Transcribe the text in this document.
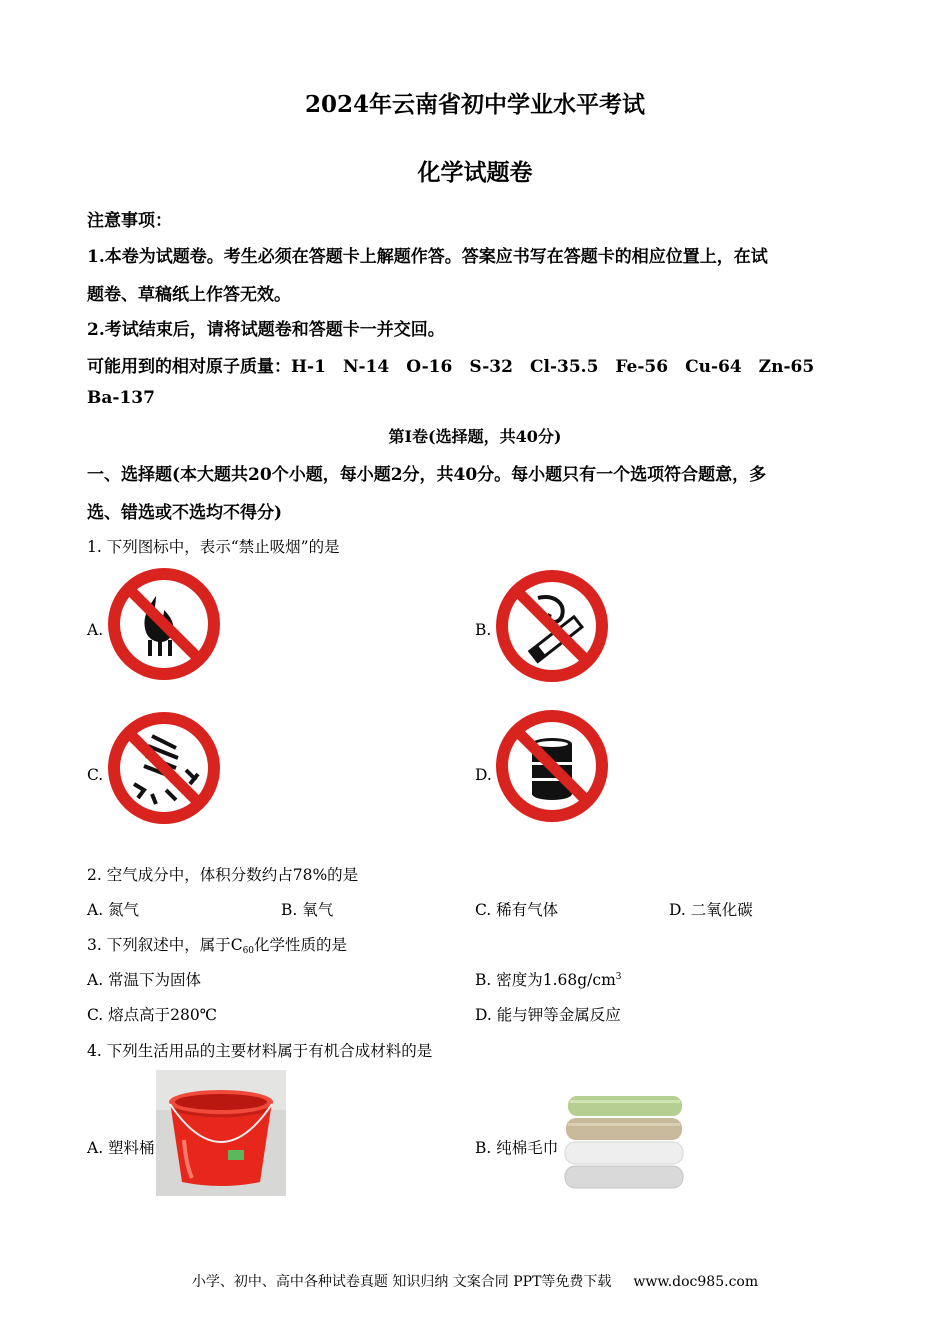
2024年云南省初中学业水平考试
化学试题卷
注意事项：
1.本卷为试题卷。考生必须在答题卡上解题作答。答案应书写在答题卡的相应位置上，在试
题卷、草稿纸上作答无效。
2.考试结束后，请将试题卷和答题卡一并交回。
可能用到的相对原子质量：H-1　N-14　O-16　S-32　Cl-35.5　Fe-56　Cu-64　Zn-65
Ba-137
第Ⅰ卷(选择题，共40分)
一、选择题(本大题共20个小题，每小题2分，共40分。每小题只有一个选项符合题意，多
选、错选或不选均不得分)
1. 下列图标中，表示“禁止吸烟”的是
A.	B.
C.	D.
2. 空气成分中，体积分数约占78%的是
A. 氮气	B. 氧气	C. 稀有气体	D. 二氧化碳
3. 下列叙述中，属于C60化学性质的是
A. 常温下为固体	B. 密度为$1.68g/cm^3$
C. 熔点高于280℃	D. 能与钾等金属反应
4. 下列生活用品的主要材料属于有机合成材料的是
A. 塑料桶	B. 纯棉毛巾
小学、初中、高中各种试卷真题 知识归纳 文案合同 PPT等免费下载 www.doc985.com
